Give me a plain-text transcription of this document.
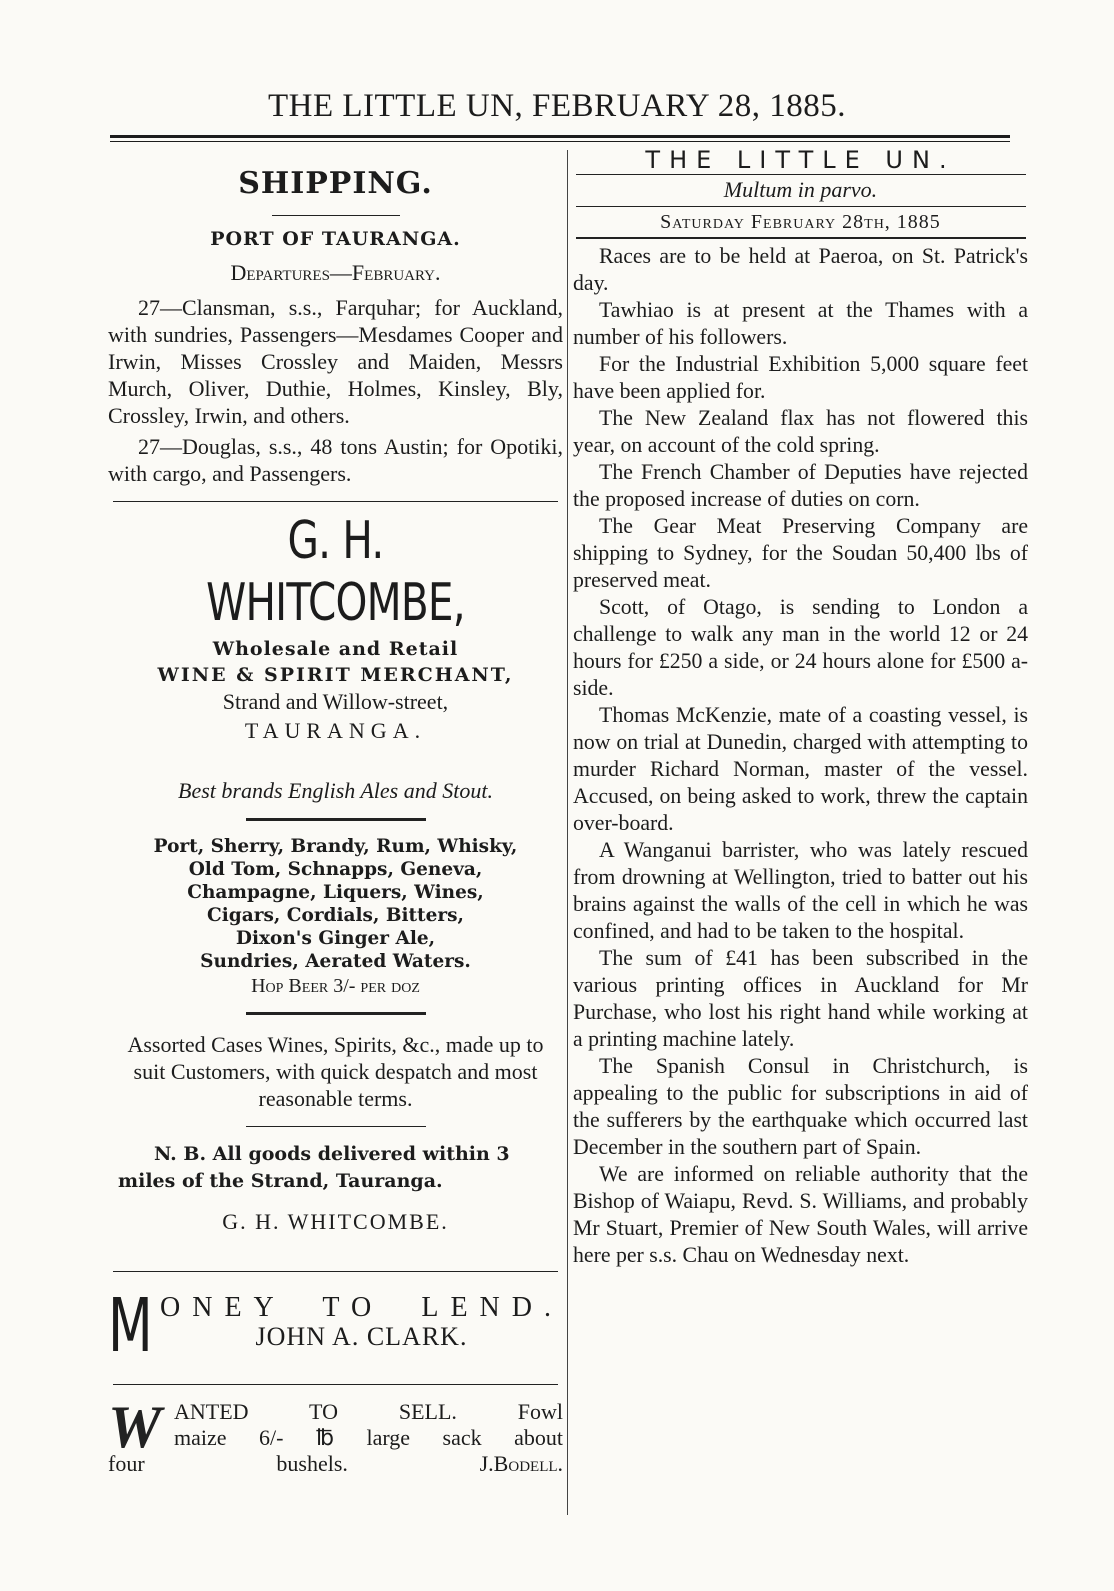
THE LITTLE UN, FEBRUARY 28, 1885.
SHIPPING.
PORT OF TAURANGA.
Departures—February.

27—Clansman, s.s., Farquhar; for Auckland, with sundries, Passengers—Mesdames Cooper and Irwin, Misses Crossley and Maiden, Messrs Murch, Oliver, Duthie, Holmes, Kinsley, Bly, Crossley, Irwin, and others.

27—Douglas, s.s., 48 tons Austin; for Opotiki, with cargo, and Passengers.

G. H. WHITCOMBE,
Wholesale and Retail
WINE & SPIRIT MERCHANT,
Strand and Willow-street,
TAURANGA.
Best brands English Ales and Stout.
Port, Sherry, Brandy, Rum, Whisky,
Old Tom, Schnapps, Geneva,
Champagne, Liquers, Wines,
Cigars, Cordials, Bitters,
Dixon's Ginger Ale,
Sundries, Aerated Waters.
Hop Beer 3/- per doz

Assorted Cases Wines, Spirits, &c., made up to suit Customers, with quick despatch and most reasonable terms.

N. B. All goods delivered within 3 miles of the Strand, Tauranga.

G. H. WHITCOMBE.
M ONEY TO LEND.
JOHN A. CLARK.
W ANTED TO SELL. Fowl
maize 6/- ℔ large sack about
four bushels.	J.Bodell.
THE LITTLE UN.
Multum in parvo.
Saturday February 28th, 1885

Races are to be held at Paeroa, on St. Patrick's day.

Tawhiao is at present at the Thames with a number of his followers.

For the Industrial Exhibition 5,000 square feet have been applied for.

The New Zealand flax has not flowered this year, on account of the cold spring.

The French Chamber of Deputies have rejected the proposed increase of duties on corn.

The Gear Meat Preserving Company are shipping to Sydney, for the Soudan 50,400 lbs of preserved meat.

Scott, of Otago, is sending to London a challenge to walk any man in the world 12 or 24 hours for £250 a side, or 24 hours alone for £500 a-side.

Thomas McKenzie, mate of a coasting vessel, is now on trial at Dunedin, charged with attempting to murder Richard Norman, master of the vessel. Accused, on being asked to work, threw the captain over-board.

A Wanganui barrister, who was lately rescued from drowning at Wellington, tried to batter out his brains against the walls of the cell in which he was confined, and had to be taken to the hospital.

The sum of £41 has been subscribed in the various printing offices in Auckland for Mr Purchase, who lost his right hand while working at a printing machine lately.

The Spanish Consul in Christchurch, is appealing to the public for subscriptions in aid of the sufferers by the earthquake which occurred last December in the southern part of Spain.

We are informed on reliable authority that the Bishop of Waiapu, Revd. S. Williams, and probably Mr Stuart, Premier of New South Wales, will arrive here per s.s. Chau on Wednesday next.
